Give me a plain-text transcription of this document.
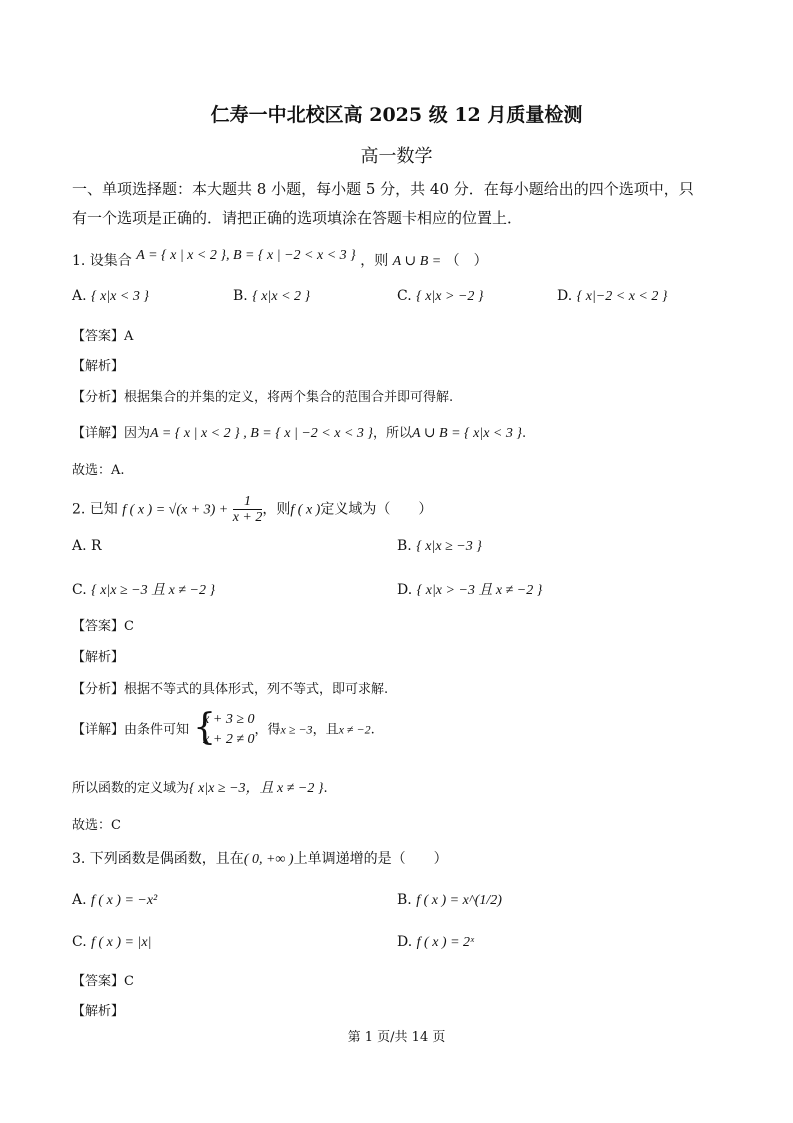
仁寿一中北校区高 2025 级 12 月质量检测
高一数学
一、单项选择题：本大题共 8 小题，每小题 5 分，共 40 分．在每小题给出的四个选项中，只
有一个选项是正确的．请把正确的选项填涂在答题卡相应的位置上．
1. 设集合 A = { x | x < 2 }, B = { x | −2 < x < 3 } ，则 A ∪ B = （　）
A. { x|x < 3 }	B. { x|x < 2 }	C. { x|x > −2 }	D. { x|−2 < x < 2 }
【答案】A
【解析】
【分析】根据集合的并集的定义，将两个集合的范围合并即可得解.
【详解】因为A = { x | x < 2 } , B = { x | −2 < x < 3 }，所以A ∪ B = { x|x < 3 }.
故选：A.
2. 已知 f ( x ) = $√(x + 3) + \frac{1}{x + 2}$ ，则f ( x )定义域为（　　）
A. R	B. { x|x ≥ −3 }
C. { x|x ≥ −3 且 x ≠ −2 }	D. { x|x > −3 且 x ≠ −2 }
【答案】C
【解析】
【分析】根据不等式的具体形式，列不等式，即可求解.
【详解】由条件可知 {
x + 3 ≥ 0
x + 2 ≠ 0
，得x ≥ −3，且x ≠ −2.
所以函数的定义域为{ x|x ≥ −3，且 x ≠ −2 }.
故选：C
3. 下列函数是偶函数，且在( 0, +∞ )上单调递增的是（　　）
A. f ( x ) = −x²	B. f ( x ) = x^(1/2)
C. f ( x ) = |x|	D. f ( x ) = 2ˣ
【答案】C
【解析】
第 1 页/共 14 页
